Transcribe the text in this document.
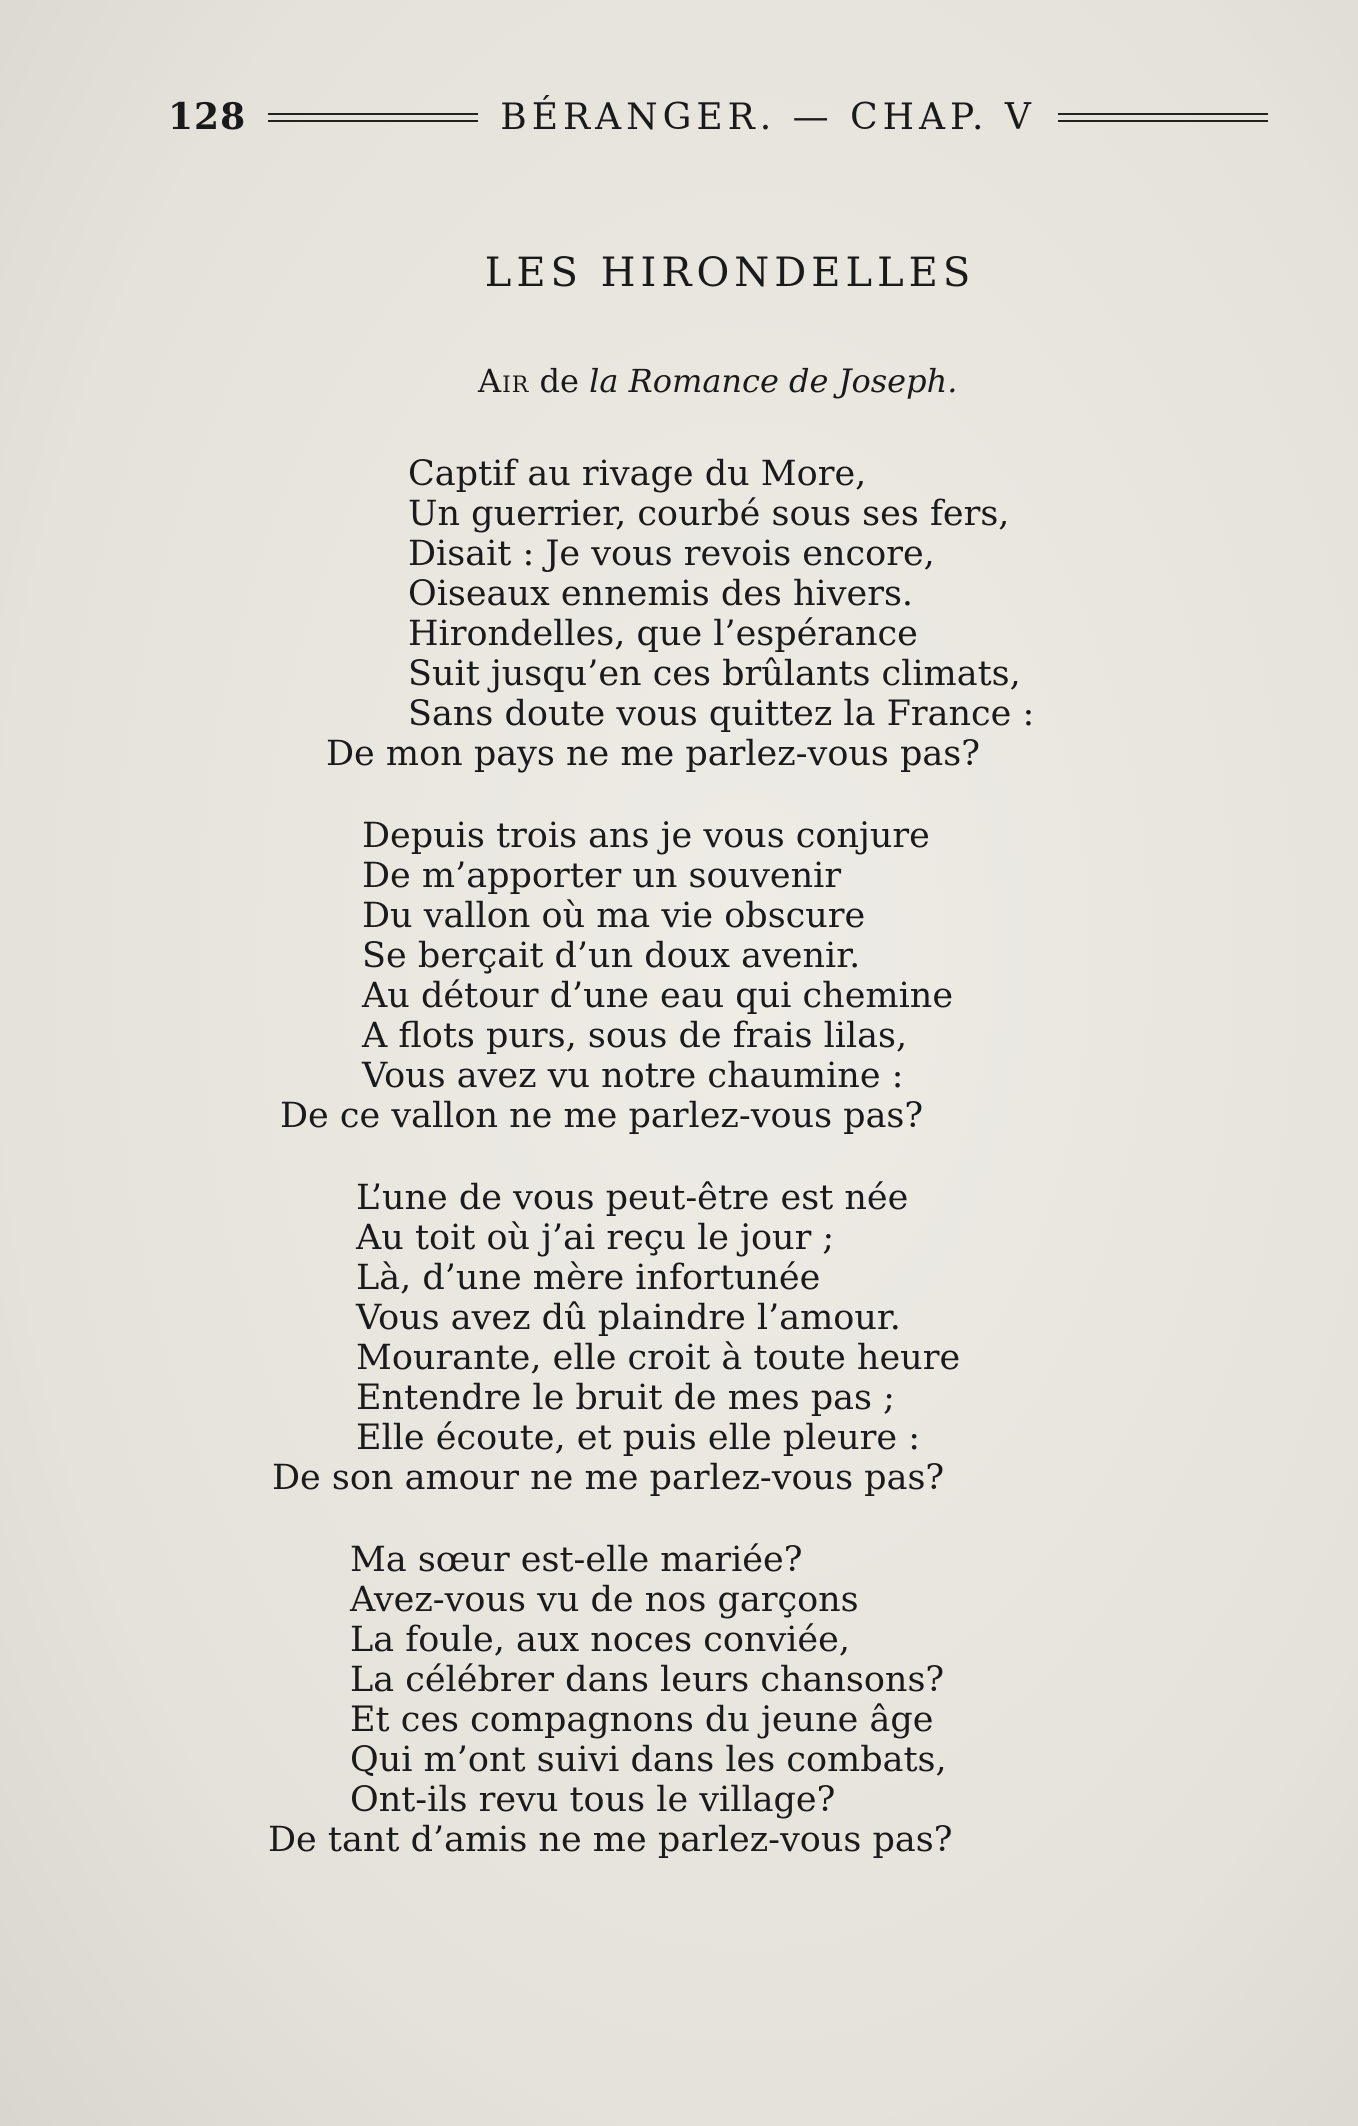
128	BÉRANGER. — CHAP. V
LES HIRONDELLES
Air de la Romance de Joseph.
Captif au rivage du More,
Un guerrier, courbé sous ses fers,
Disait : Je vous revois encore,
Oiseaux ennemis des hivers.
Hirondelles, que l’espérance
Suit jusqu’en ces brûlants climats,
Sans doute vous quittez la France :
De mon pays ne me parlez-vous pas?
Depuis trois ans je vous conjure
De m’apporter un souvenir
Du vallon où ma vie obscure
Se berçait d’un doux avenir.
Au détour d’une eau qui chemine
A flots purs, sous de frais lilas,
Vous avez vu notre chaumine :
De ce vallon ne me parlez-vous pas?
L’une de vous peut-être est née
Au toit où j’ai reçu le jour ;
Là, d’une mère infortunée
Vous avez dû plaindre l’amour.
Mourante, elle croit à toute heure
Entendre le bruit de mes pas ;
Elle écoute, et puis elle pleure :
De son amour ne me parlez-vous pas?
Ma sœur est-elle mariée?
Avez-vous vu de nos garçons
La foule, aux noces conviée,
La célébrer dans leurs chansons?
Et ces compagnons du jeune âge
Qui m’ont suivi dans les combats,
Ont-ils revu tous le village?
De tant d’amis ne me parlez-vous pas?
